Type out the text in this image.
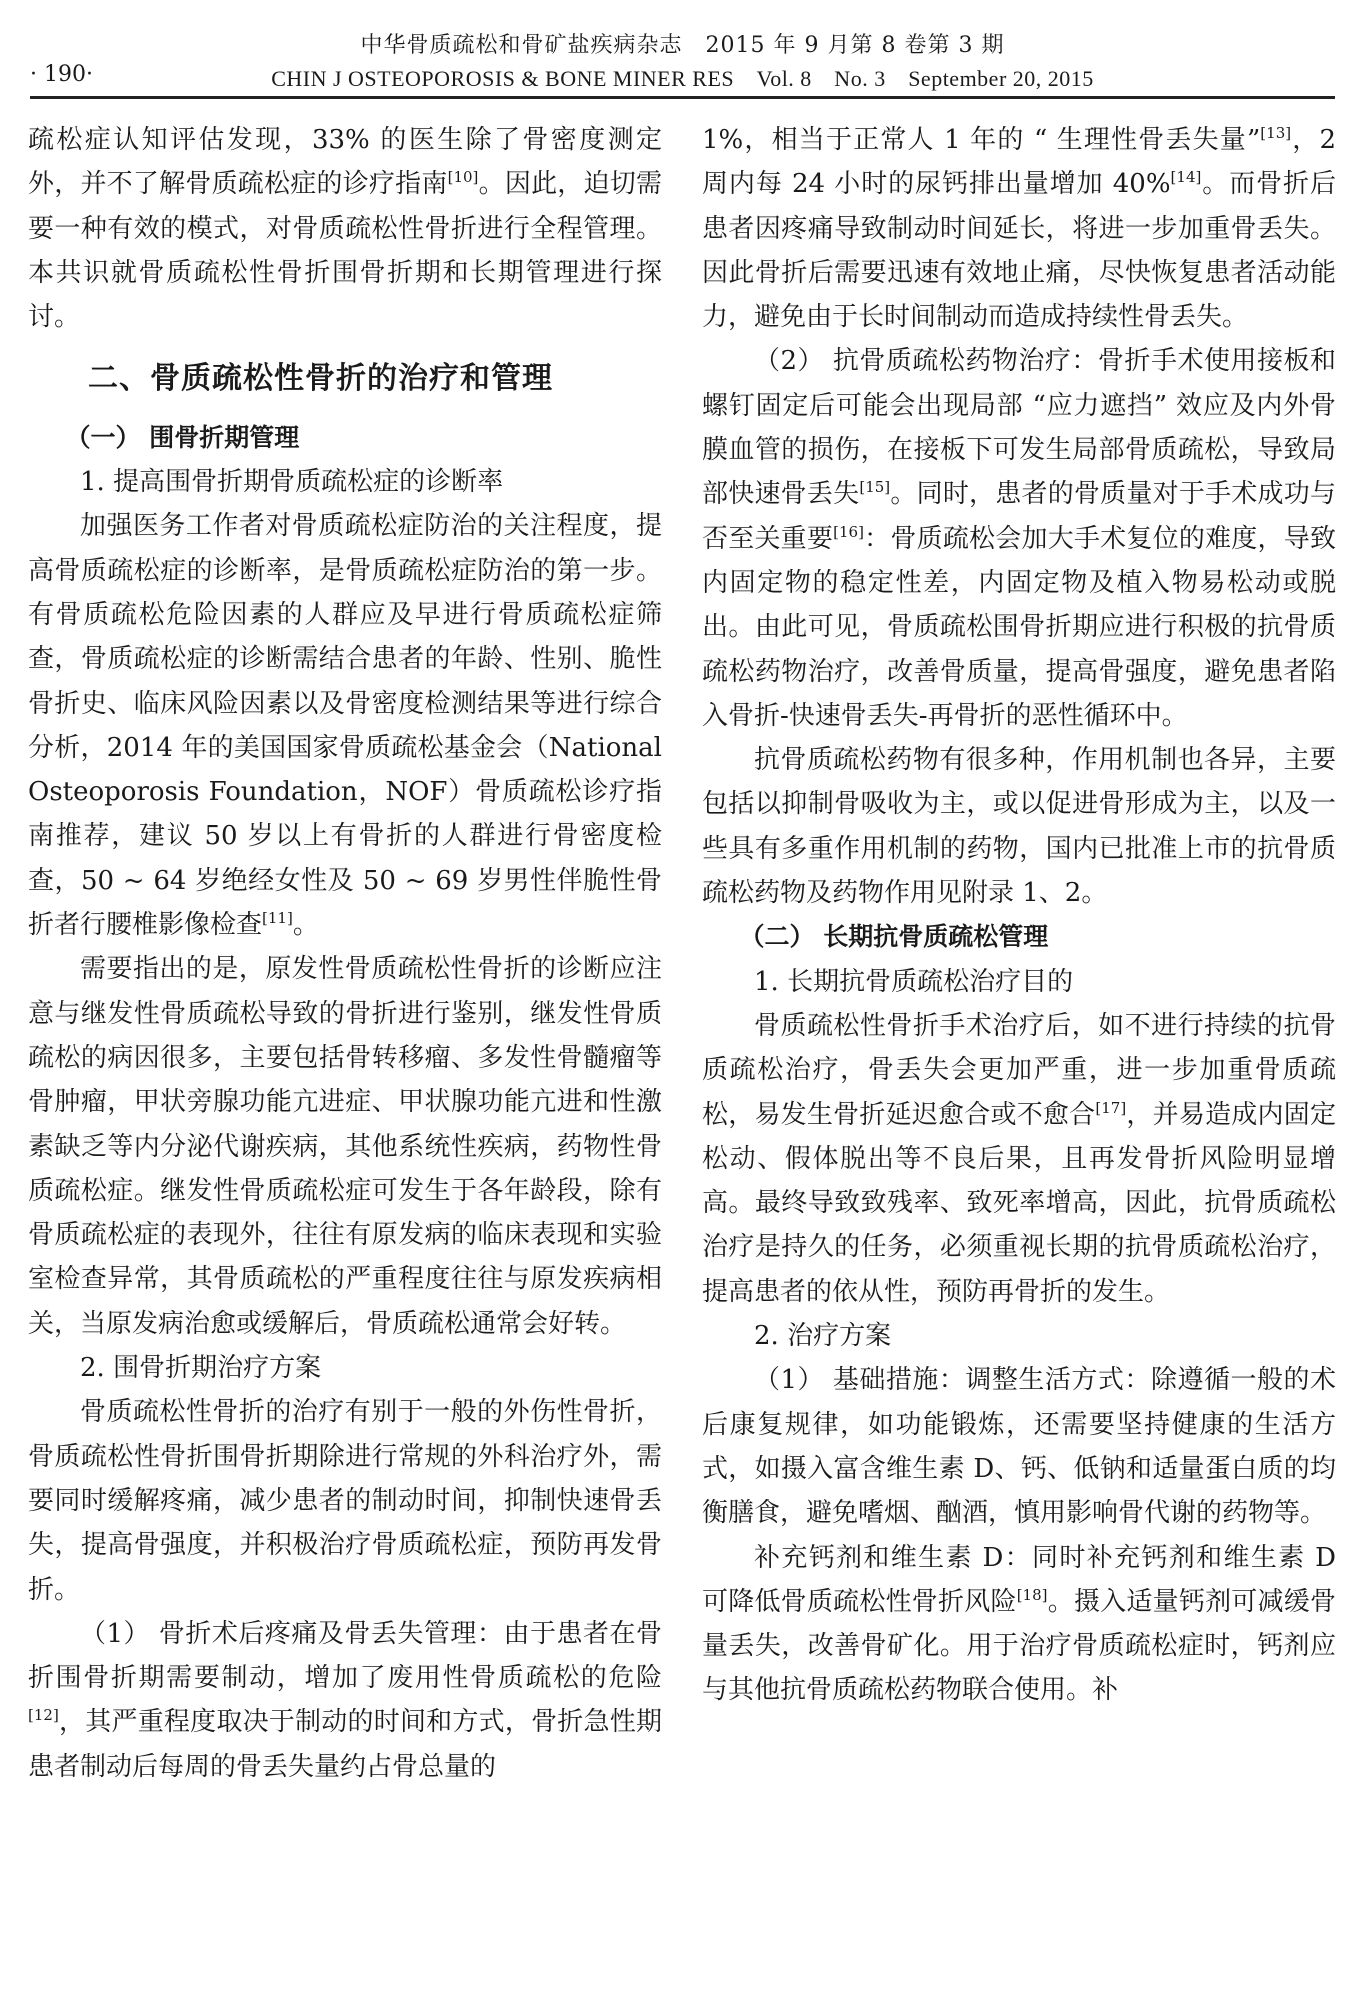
中华骨质疏松和骨矿盐疾病杂志　2015 年 9 月第 8 卷第 3 期
· 190·	CHIN J OSTEOPOROSIS & BONE MINER RES　Vol. 8　No. 3　September 20, 2015

疏松症认知评估发现，33% 的医生除了骨密度测定外，并不了解骨质疏松症的诊疗指南[10]。因此，迫切需要一种有效的模式，对骨质疏松性骨折进行全程管理。本共识就骨质疏松性骨折围骨折期和长期管理进行探讨。

二、骨质疏松性骨折的治疗和管理

（一） 围骨折期管理

1. 提高围骨折期骨质疏松症的诊断率

加强医务工作者对骨质疏松症防治的关注程度，提高骨质疏松症的诊断率，是骨质疏松症防治的第一步。有骨质疏松危险因素的人群应及早进行骨质疏松症筛查，骨质疏松症的诊断需结合患者的年龄、性别、脆性骨折史、临床风险因素以及骨密度检测结果等进行综合分析，2014 年的美国国家骨质疏松基金会（National Osteoporosis Foundation，NOF）骨质疏松诊疗指南推荐，建议 50 岁以上有骨折的人群进行骨密度检查，50 ~ 64 岁绝经女性及 50 ~ 69 岁男性伴脆性骨折者行腰椎影像检查[11]。

需要指出的是，原发性骨质疏松性骨折的诊断应注意与继发性骨质疏松导致的骨折进行鉴别，继发性骨质疏松的病因很多，主要包括骨转移瘤、多发性骨髓瘤等骨肿瘤，甲状旁腺功能亢进症、甲状腺功能亢进和性激素缺乏等内分泌代谢疾病，其他系统性疾病，药物性骨质疏松症。继发性骨质疏松症可发生于各年龄段，除有骨质疏松症的表现外，往往有原发病的临床表现和实验室检查异常，其骨质疏松的严重程度往往与原发疾病相关，当原发病治愈或缓解后，骨质疏松通常会好转。

2. 围骨折期治疗方案

骨质疏松性骨折的治疗有别于一般的外伤性骨折，骨质疏松性骨折围骨折期除进行常规的外科治疗外，需要同时缓解疼痛，减少患者的制动时间，抑制快速骨丢失，提高骨强度，并积极治疗骨质疏松症，预防再发骨折。

（1） 骨折术后疼痛及骨丢失管理：由于患者在骨折围骨折期需要制动，增加了废用性骨质疏松的危险[12]，其严重程度取决于制动的时间和方式，骨折急性期患者制动后每周的骨丢失量约占骨总量的

1%，相当于正常人 1 年的 “ 生理性骨丢失量”[13]，2 周内每 24 小时的尿钙排出量增加 40%[14]。而骨折后患者因疼痛导致制动时间延长，将进一步加重骨丢失。因此骨折后需要迅速有效地止痛，尽快恢复患者活动能力，避免由于长时间制动而造成持续性骨丢失。

（2） 抗骨质疏松药物治疗：骨折手术使用接板和螺钉固定后可能会出现局部 “应力遮挡” 效应及内外骨膜血管的损伤，在接板下可发生局部骨质疏松，导致局部快速骨丢失[15]。同时，患者的骨质量对于手术成功与否至关重要[16]：骨质疏松会加大手术复位的难度，导致内固定物的稳定性差，内固定物及植入物易松动或脱出。由此可见，骨质疏松围骨折期应进行积极的抗骨质疏松药物治疗，改善骨质量，提高骨强度，避免患者陷入骨折-快速骨丢失-再骨折的恶性循环中。

抗骨质疏松药物有很多种，作用机制也各异，主要包括以抑制骨吸收为主，或以促进骨形成为主，以及一些具有多重作用机制的药物，国内已批准上市的抗骨质疏松药物及药物作用见附录 1、2。

（二） 长期抗骨质疏松管理

1. 长期抗骨质疏松治疗目的

骨质疏松性骨折手术治疗后，如不进行持续的抗骨质疏松治疗，骨丢失会更加严重，进一步加重骨质疏松，易发生骨折延迟愈合或不愈合[17]，并易造成内固定松动、假体脱出等不良后果，且再发骨折风险明显增高。最终导致致残率、致死率增高，因此，抗骨质疏松治疗是持久的任务，必须重视长期的抗骨质疏松治疗，提高患者的依从性，预防再骨折的发生。

2. 治疗方案

（1） 基础措施：调整生活方式：除遵循一般的术后康复规律，如功能锻炼，还需要坚持健康的生活方式，如摄入富含维生素 D、钙、低钠和适量蛋白质的均衡膳食，避免嗜烟、酗酒，慎用影响骨代谢的药物等。

补充钙剂和维生素 D：同时补充钙剂和维生素 D 可降低骨质疏松性骨折风险[18]。摄入适量钙剂可减缓骨量丢失，改善骨矿化。用于治疗骨质疏松症时，钙剂应与其他抗骨质疏松药物联合使用。补
